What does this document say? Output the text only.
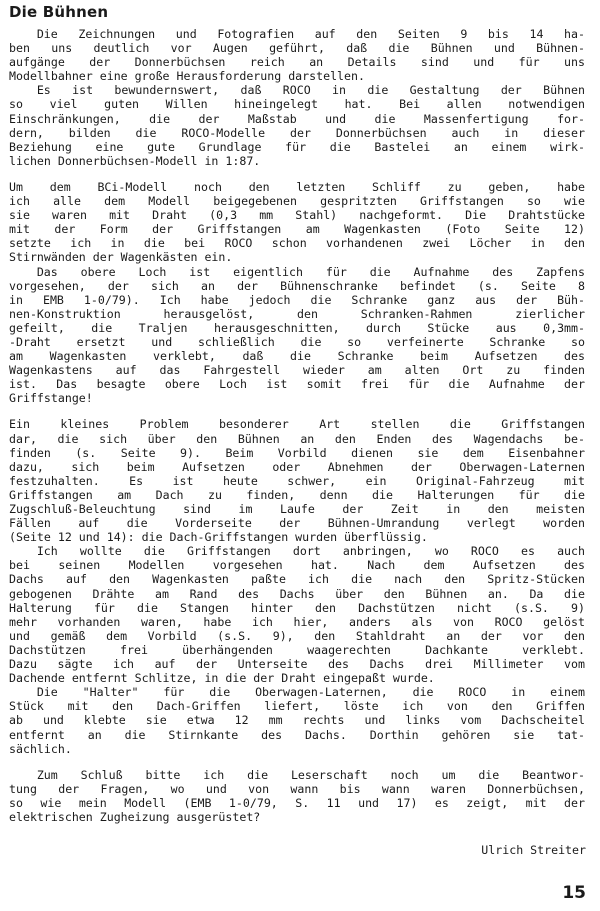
Die Bühnen
Die Zeichnungen und Fotografien auf den Seiten 9 bis 14 ha-
ben uns deutlich vor Augen geführt, daß die Bühnen und Bühnen-
aufgänge der Donnerbüchsen reich an Details sind und für uns
Modellbahner eine große Herausforderung darstellen.
Es ist bewundernswert, daß ROCO in die Gestaltung der Bühnen
so viel guten Willen hineingelegt hat. Bei allen notwendigen
Einschränkungen, die der Maßstab und die Massenfertigung for-
dern, bilden die ROCO-Modelle der Donnerbüchsen auch in dieser
Beziehung eine gute Grundlage für die Bastelei an einem wirk-
lichen Donnerbüchsen-Modell in 1:87.
Um dem BCi-Modell noch den letzten Schliff zu geben, habe
ich alle dem Modell beigegebenen gespritzten Griffstangen so wie
sie waren mit Draht (0,3 mm Stahl) nachgeformt. Die Drahtstücke
mit der Form der Griffstangen am Wagenkasten (Foto Seite 12)
setzte ich in die bei ROCO schon vorhandenen zwei Löcher in den
Stirnwänden der Wagenkästen ein.
Das obere Loch ist eigentlich für die Aufnahme des Zapfens
vorgesehen, der sich an der Bühnenschranke befindet (s. Seite 8
in EMB 1-0/79). Ich habe jedoch die Schranke ganz aus der Büh-
nen-Konstruktion herausgelöst, den Schranken-Rahmen zierlicher
gefeilt, die Traljen herausgeschnitten, durch Stücke aus 0,3mm-
-Draht ersetzt und schließlich die so verfeinerte Schranke so
am Wagenkasten verklebt, daß die Schranke beim Aufsetzen des
Wagenkastens auf das Fahrgestell wieder am alten Ort zu finden
ist. Das besagte obere Loch ist somit frei für die Aufnahme der
Griffstange!
Ein kleines Problem besonderer Art stellen die Griffstangen
dar, die sich über den Bühnen an den Enden des Wagendachs be-
finden (s. Seite 9). Beim Vorbild dienen sie dem Eisenbahner
dazu, sich beim Aufsetzen oder Abnehmen der Oberwagen-Laternen
festzuhalten. Es ist heute schwer, ein Original-Fahrzeug mit
Griffstangen am Dach zu finden, denn die Halterungen für die
Zugschluß-Beleuchtung sind im Laufe der Zeit in den meisten
Fällen auf die Vorderseite der Bühnen-Umrandung verlegt worden
(Seite 12 und 14): die Dach-Griffstangen wurden überflüssig.
Ich wollte die Griffstangen dort anbringen, wo ROCO es auch
bei seinen Modellen vorgesehen hat. Nach dem Aufsetzen des
Dachs auf den Wagenkasten paßte ich die nach den Spritz-Stücken
gebogenen Drähte am Rand des Dachs über den Bühnen an. Da die
Halterung für die Stangen hinter den Dachstützen nicht (s.S. 9)
mehr vorhanden waren, habe ich hier, anders als von ROCO gelöst
und gemäß dem Vorbild (s.S. 9), den Stahldraht an der vor den
Dachstützen frei überhängenden waagerechten Dachkante verklebt.
Dazu sägte ich auf der Unterseite des Dachs drei Millimeter vom
Dachende entfernt Schlitze, in die der Draht eingepaßt wurde.
Die "Halter" für die Oberwagen-Laternen, die ROCO in einem
Stück mit den Dach-Griffen liefert, löste ich von den Griffen
ab und klebte sie etwa 12 mm rechts und links vom Dachscheitel
entfernt an die Stirnkante des Dachs. Dorthin gehören sie tat-
sächlich.
Zum Schluß bitte ich die Leserschaft noch um die Beantwor-
tung der Fragen, wo und von wann bis wann waren Donnerbüchsen,
so wie mein Modell (EMB 1-0/79, S. 11 und 17) es zeigt, mit der
elektrischen Zugheizung ausgerüstet?
Ulrich Streiter
15
